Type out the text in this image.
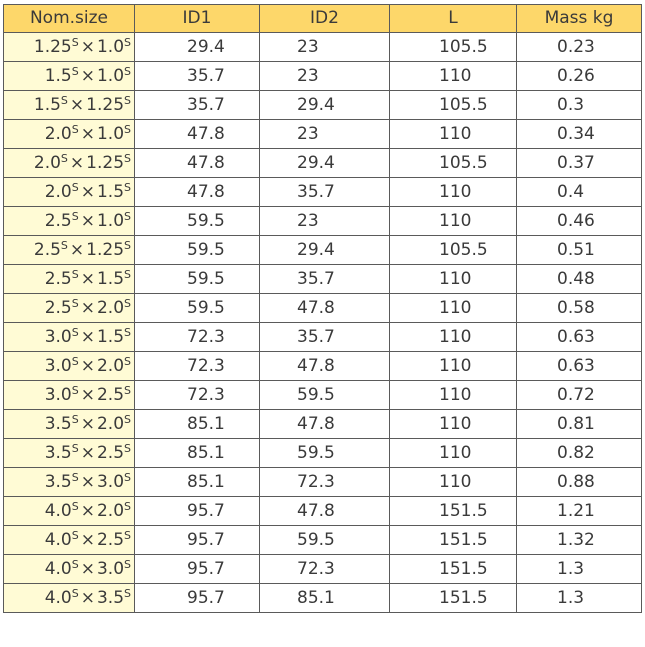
Nom.size	ID1	ID2	L	Mass kg
$1.25^S \times 1.0^S$	29.4	23	105.5	0.23
$1.5^S \times 1.0^S$	35.7	23	110	0.26
$1.5^S \times 1.25^S$	35.7	29.4	105.5	0.3
$2.0^S \times 1.0^S$	47.8	23	110	0.34
$2.0^S \times 1.25^S$	47.8	29.4	105.5	0.37
$2.0^S \times 1.5^S$	47.8	35.7	110	0.4
$2.5^S \times 1.0^S$	59.5	23	110	0.46
$2.5^S \times 1.25^S$	59.5	29.4	105.5	0.51
$2.5^S \times 1.5^S$	59.5	35.7	110	0.48
$2.5^S \times 2.0^S$	59.5	47.8	110	0.58
$3.0^S \times 1.5^S$	72.3	35.7	110	0.63
$3.0^S \times 2.0^S$	72.3	47.8	110	0.63
$3.0^S \times 2.5^S$	72.3	59.5	110	0.72
$3.5^S \times 2.0^S$	85.1	47.8	110	0.81
$3.5^S \times 2.5^S$	85.1	59.5	110	0.82
$3.5^S \times 3.0^S$	85.1	72.3	110	0.88
$4.0^S \times 2.0^S$	95.7	47.8	151.5	1.21
$4.0^S \times 2.5^S$	95.7	59.5	151.5	1.32
$4.0^S \times 3.0^S$	95.7	72.3	151.5	1.3
$4.0^S \times 3.5^S$	95.7	85.1	151.5	1.3
